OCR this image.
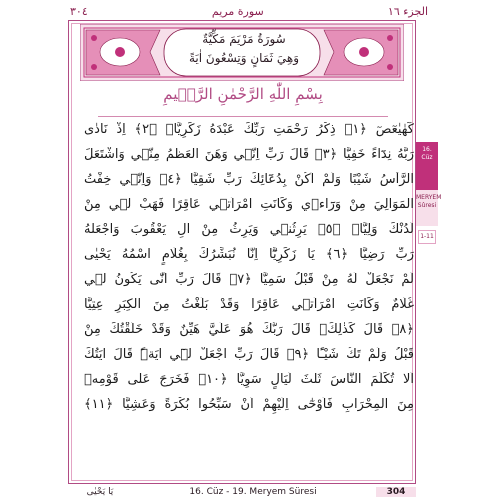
الجزء ١٦
سورة مريم
٣٠٤
سُورَةُ مَرْيَمَ مَكِّيَّةٌ
وَهِيَ ثَمَانٍ وَتِسْعُونَ اٰيَةً
بِسْمِ اللّٰهِ الرَّحْمٰنِ الرَّح۪يمِ
كٓهٰيٰعٓصٓ ﴿١﴾ ذِكْرُ رَحْمَتِ رَبِّكَ عَبْدَهُ زَكَرِيَّاۚ ﴿٢﴾ اِذْ نَادٰى
رَبَّهُ نِدَٓاءً خَفِيًّا ﴿٣﴾ قَالَ رَبِّ اِنّ۪ي وَهَنَ الْعَظْمُ مِنّ۪ي وَاشْتَعَلَ
الرَّأْسُ شَيْبًا وَلَمْ اَكُنْ بِدُعَٓائِكَ رَبِّ شَقِيًّا ﴿٤﴾ وَاِنّ۪ي خِفْتُ
الْمَوَالِيَ مِنْ وَرَٓاء۪ي وَكَانَتِ امْرَاَت۪ي عَاقِرًا فَهَبْ ل۪ي مِنْ
لَدُنْكَ وَلِيًّاۙ ﴿٥﴾ يَرِثُن۪ي وَيَرِثُ مِنْ اٰلِ يَعْقُوبَ وَاجْعَلْهُ
رَبِّ رَضِيًّا ﴿٦﴾ يَا زَكَرِيَّٓا اِنَّا نُبَشِّرُكَ بِغُلَامٍ اسْمُهُ يَحْيٰى
لَمْ نَجْعَلْ لَهُ مِنْ قَبْلُ سَمِيًّا ﴿٧﴾ قَالَ رَبِّ اَنّٰى يَكُونُ ل۪ي
غُلَامٌ وَكَانَتِ امْرَاَت۪ي عَاقِرًا وَقَدْ بَلَغْتُ مِنَ الْكِبَرِ عِتِيًّا
﴿٨﴾ قَالَ كَذٰلِكَۚ قَالَ رَبُّكَ هُوَ عَلَيَّ هَيِّنٌ وَقَدْ خَلَقْتُكَ مِنْ
قَبْلُ وَلَمْ تَكُ شَيْـًٔا ﴿٩﴾ قَالَ رَبِّ اجْعَلْ ل۪ٓي اٰيَةًۜ قَالَ اٰيَتُكَ
اَلَّا تُكَلِّمَ النَّاسَ ثَلٰثَ لَيَالٍ سَوِيًّا ﴿١٠﴾ فَخَرَجَ عَلٰى قَوْمِه۪
مِنَ الْمِحْرَابِ فَاَوْحٰٓى اِلَيْهِمْ اَنْ سَبِّحُوا بُكْرَةً وَعَشِيًّا ﴿١١﴾
16. Cüz
MERYEM
Sûresi
1-11
يَا يَحْيٰى	16. Cüz - 19. Meryem Süresi	304
